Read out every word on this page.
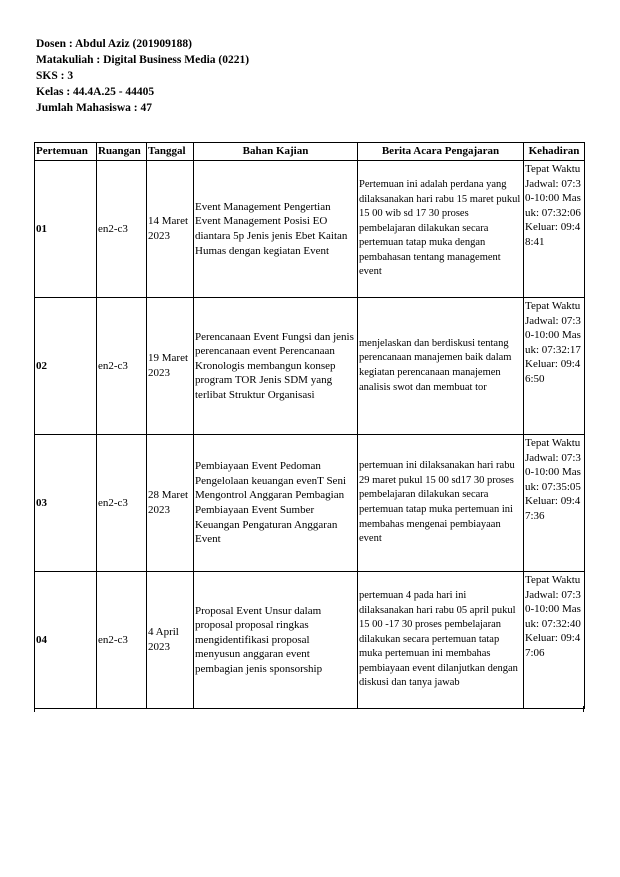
Dosen : Abdul Aziz (201909188)
Matakuliah : Digital Business Media (0221)
SKS : 3
Kelas : 44.4A.25 - 44405
Jumlah Mahasiswa : 47
Pertemuan	Ruangan	Tanggal	Bahan Kajian	Berita Acara Pengajaran	Kehadiran
01	en2-c3	14 Maret 2023	Event Management Pengertian Event Management Posisi EO diantara 5p Jenis jenis Ebet Kaitan Humas dengan kegiatan Event	Pertemuan ini adalah perdana yang dilaksanakan hari rabu 15 maret pukul 15 00 wib sd 17 30 proses pembelajaran dilakukan secara pertemuan tatap muka dengan pembahasan tentang management event	Tepat Waktu Jadwal: 07:30-10:00 Masuk: 07:32:06 Keluar: 09:48:41
02	en2-c3	19 Maret 2023	Perencanaan Event Fungsi dan jenis perencanaan event Perencanaan Kronologis membangun konsep program TOR Jenis SDM yang terlibat Struktur Organisasi	menjelaskan dan berdiskusi tentang perencanaan manajemen baik dalam kegiatan perencanaan manajemen analisis swot dan membuat tor	Tepat Waktu Jadwal: 07:30-10:00 Masuk: 07:32:17 Keluar: 09:46:50
03	en2-c3	28 Maret 2023	Pembiayaan Event Pedoman Pengelolaan keuangan evenT Seni Mengontrol Anggaran Pembagian Pembiayaan Event Sumber Keuangan Pengaturan Anggaran Event	pertemuan ini dilaksanakan hari rabu 29 maret pukul 15 00 sd17 30 proses pembelajaran dilakukan secara pertemuan tatap muka pertemuan ini membahas mengenai pembiayaan event	Tepat Waktu Jadwal: 07:30-10:00 Masuk: 07:35:05 Keluar: 09:47:36
04	en2-c3	4 April 2023	Proposal Event Unsur dalam proposal proposal ringkas mengidentifikasi proposal menyusun anggaran event pembagian jenis sponsorship	pertemuan 4 pada hari ini dilaksanakan hari rabu 05 april pukul 15 00 -17 30 proses pembelajaran dilakukan secara pertemuan tatap muka pertemuan ini membahas pembiayaan event dilanjutkan dengan diskusi dan tanya jawab	Tepat Waktu Jadwal: 07:30-10:00 Masuk: 07:32:40 Keluar: 09:47:06
